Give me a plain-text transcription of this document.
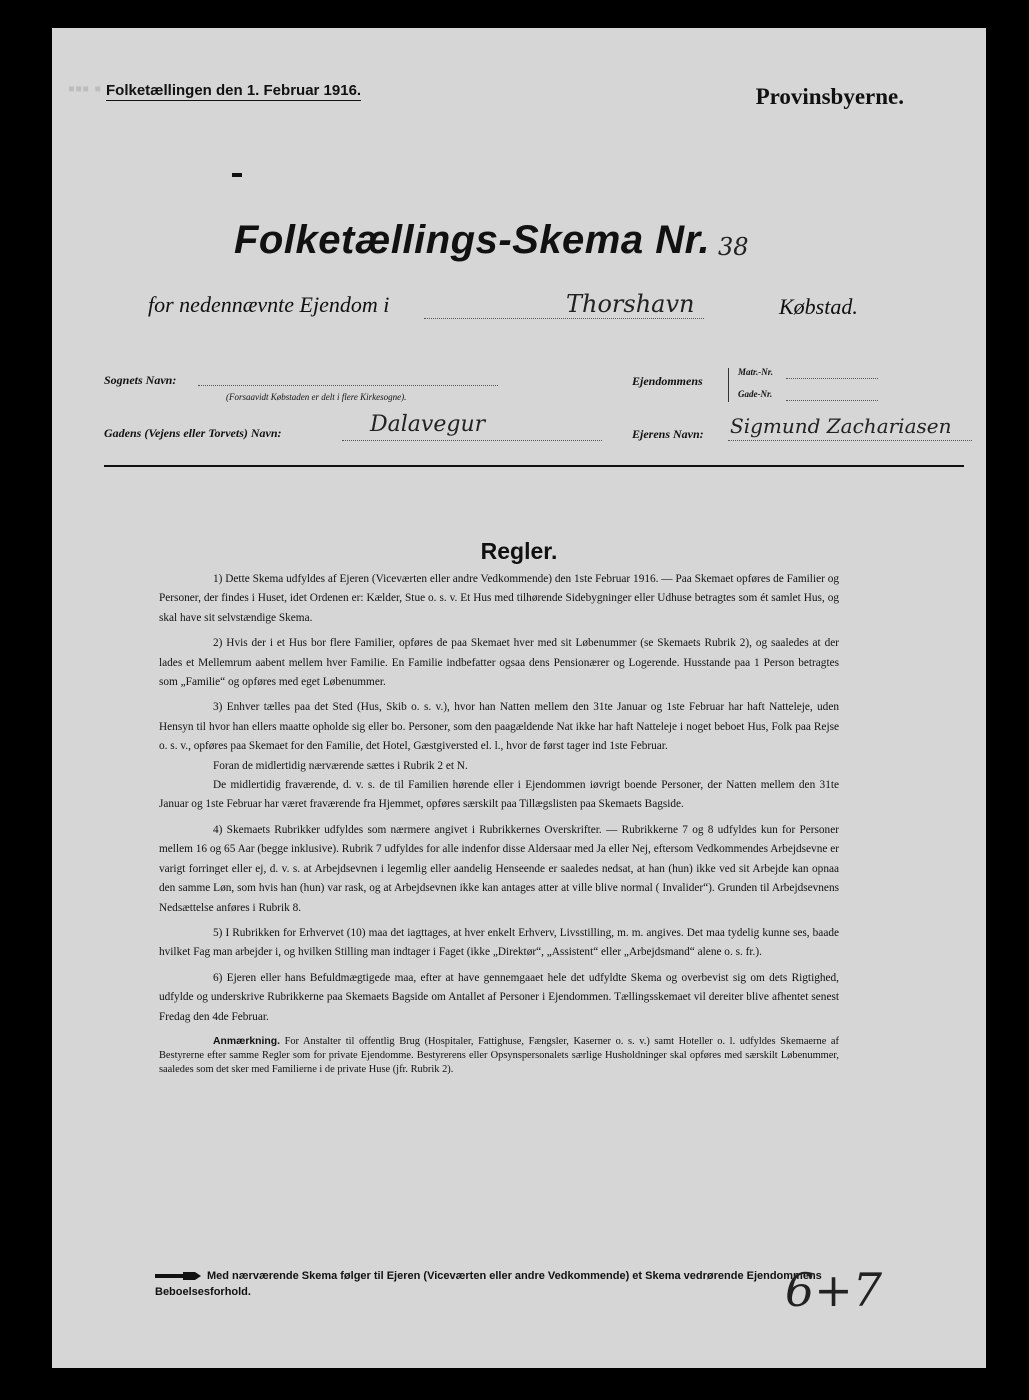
▪▪▪ ▪ Folketællingen den 1. Februar 1916.	Provinsbyerne.
Folketællings-Skema Nr. 38
for nedennævnte Ejendom i	Thorshavn	Købstad.
Sognets Navn:
(Forsaavidt Købstaden er delt i flere Kirkesogne).
Ejendommens
Matr.-Nr.
Gade-Nr.
Gadens (Vejens eller Torvets) Navn:	Dalavegur	Ejerens Navn: Sigmund Zachariasen
Regler.

1) Dette Skema udfyldes af Ejeren (Viceværten eller andre Vedkommende) den 1ste Februar 1916. — Paa Skemaet opføres de Familier og Personer, der findes i Huset, idet Ordenen er: Kælder, Stue o. s. v. Et Hus med tilhørende Sidebygninger eller Udhuse betragtes som ét samlet Hus, og skal have sit selvstændige Skema.

2) Hvis der i et Hus bor flere Familier, opføres de paa Skemaet hver med sit Løbenummer (se Skemaets Rubrik 2), og saaledes at der lades et Mellemrum aabent mellem hver Familie. En Familie indbefatter ogsaa dens Pensionærer og Logerende. Husstande paa 1 Person betragtes som „Familie“ og opføres med eget Løbenummer.

3) Enhver tælles paa det Sted (Hus, Skib o. s. v.), hvor han Natten mellem den 31te Januar og 1ste Februar har haft Natteleje, uden Hensyn til hvor han ellers maatte opholde sig eller bo. Personer, som den paagældende Nat ikke har haft Natteleje i noget beboet Hus, Folk paa Rejse o. s. v., opføres paa Skemaet for den Familie, det Hotel, Gæstgiversted el. l., hvor de først tager ind 1ste Februar.

Foran de midlertidig nærværende sættes i Rubrik 2 et N.

De midlertidig fraværende, d. v. s. de til Familien hørende eller i Ejendommen iøvrigt boende Personer, der Natten mellem den 31te Januar og 1ste Februar har været fraværende fra Hjemmet, opføres særskilt paa Tillægslisten paa Skemaets Bagside.

4) Skemaets Rubrikker udfyldes som nærmere angivet i Rubrikkernes Overskrifter. — Rubrikkerne 7 og 8 udfyldes kun for Personer mellem 16 og 65 Aar (begge inklusive). Rubrik 7 udfyldes for alle indenfor disse Aldersaar med Ja eller Nej, eftersom Vedkommendes Arbejdsevne er varigt forringet eller ej, d. v. s. at Arbejdsevnen i legemlig eller aandelig Henseende er saaledes nedsat, at han (hun) ikke ved sit Arbejde kan opnaa den samme Løn, som hvis han (hun) var rask, og at Arbejdsevnen ikke kan antages atter at ville blive normal ( Invalider“). Grunden til Arbejdsevnens Nedsættelse anføres i Rubrik 8.

5) I Rubrikken for Erhvervet (10) maa det iagttages, at hver enkelt Erhverv, Livsstilling, m. m. angives. Det maa tydelig kunne ses, baade hvilket Fag man arbejder i, og hvilken Stilling man indtager i Faget (ikke „Direktør“, „Assistent“ eller „Arbejdsmand“ alene o. s. fr.).

6) Ejeren eller hans Befuldmægtigede maa, efter at have gennemgaaet hele det udfyldte Skema og overbevist sig om dets Rigtighed, udfylde og underskrive Rubrikkerne paa Skemaets Bagside om Antallet af Personer i Ejendommen. Tællingsskemaet vil dereiter blive afhentet senest Fredag den 4de Februar.

Anmærkning. For Anstalter til offentlig Brug (Hospitaler, Fattighuse, Fængsler, Kaserner o. s. v.) samt Hoteller o. l. udfyldes Skemaerne af Bestyrerne efter samme Regler som for private Ejendomme. Bestyrerens eller Opsynspersonalets særlige Husholdninger skal opføres med særskilt Løbenummer, saaledes som det sker med Familierne i de private Huse (jfr. Rubrik 2).

Med nærværende Skema følger til Ejeren (Viceværten eller andre Vedkommende) et Skema vedrørende Ejendommens Beboelsesforhold.	6+7
